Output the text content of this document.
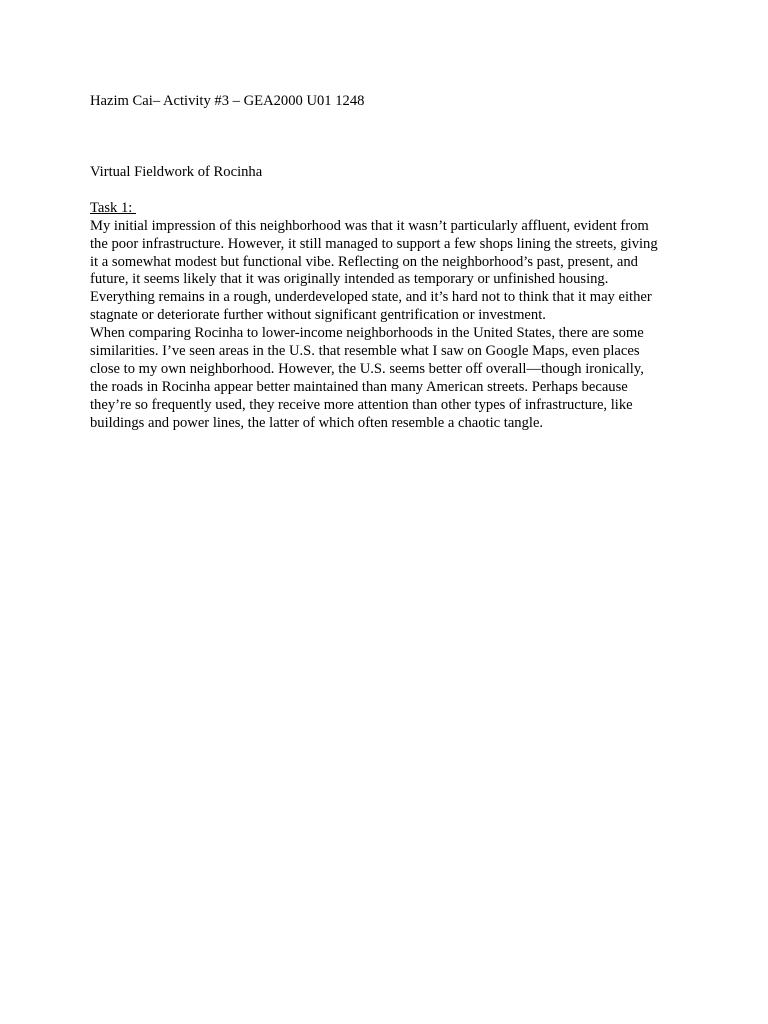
Hazim Cai– Activity #3 – GEA2000 U01 1248

Virtual Fieldwork of Rocinha

Task 1:

My initial impression of this neighborhood was that it wasn’t particularly affluent, evident from
the poor infrastructure. However, it still managed to support a few shops lining the streets, giving
it a somewhat modest but functional vibe. Reflecting on the neighborhood’s past, present, and
future, it seems likely that it was originally intended as temporary or unfinished housing.
Everything remains in a rough, underdeveloped state, and it’s hard not to think that it may either
stagnate or deteriorate further without significant gentrification or investment.

When comparing Rocinha to lower-income neighborhoods in the United States, there are some
similarities. I’ve seen areas in the U.S. that resemble what I saw on Google Maps, even places
close to my own neighborhood. However, the U.S. seems better off overall—though ironically,
the roads in Rocinha appear better maintained than many American streets. Perhaps because
they’re so frequently used, they receive more attention than other types of infrastructure, like
buildings and power lines, the latter of which often resemble a chaotic tangle.
